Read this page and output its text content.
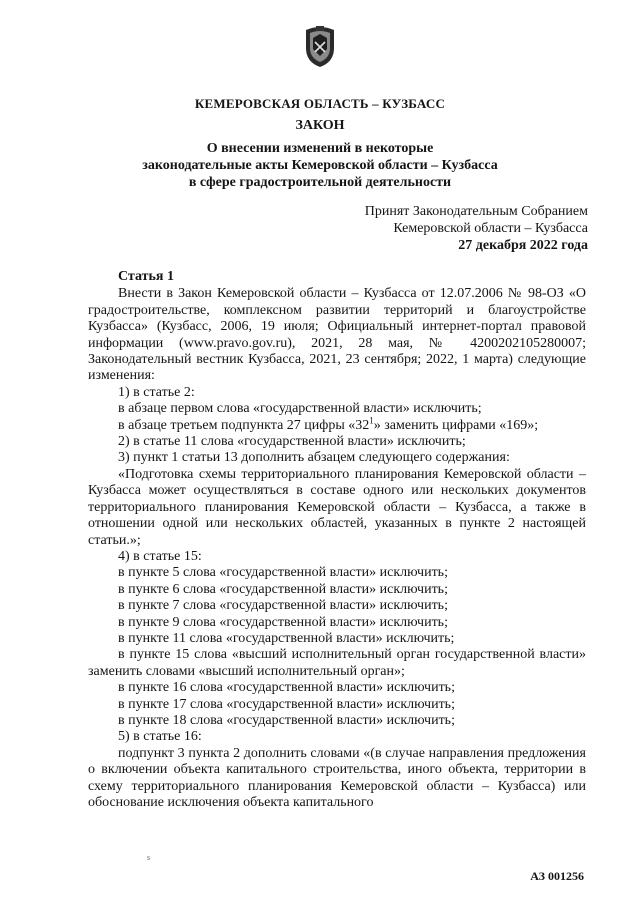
КЕМЕРОВСКАЯ ОБЛАСТЬ – КУЗБАСС
ЗАКОН
О внесении изменений в некоторые
законодательные акты Кемеровской области – Кузбасса
в сфере градостроительной деятельности
Принят Законодательным Собранием
Кемеровской области – Кузбасса
27 декабря 2022 года
Статья 1
Внести в Закон Кемеровской области – Кузбасса от 12.07.2006 № 98-ОЗ «О градостроительстве, комплексном развитии территорий и благоустройстве Кузбасса» (Кузбасс, 2006, 19 июля; Официальный интернет-портал правовой информации (www.pravo.gov.ru), 2021, 28 мая, № 4200202105280007; Законодательный вестник Кузбасса, 2021, 23 сентября; 2022, 1 марта) следующие изменения:
1) в статье 2:
в абзаце первом слова «государственной власти» исключить;
в абзаце третьем подпункта 27 цифры «$32^1$» заменить цифрами «169»;
2) в статье 11 слова «государственной власти» исключить;
3) пункт 1 статьи 13 дополнить абзацем следующего содержания:
«Подготовка схемы территориального планирования Кемеровской области – Кузбасса может осуществляться в составе одного или нескольких документов территориального планирования Кемеровской области – Кузбасса, а также в отношении одной или нескольких областей, указанных в пункте 2 настоящей статьи.»;
4) в статье 15:
в пункте 5 слова «государственной власти» исключить;
в пункте 6 слова «государственной власти» исключить;
в пункте 7 слова «государственной власти» исключить;
в пункте 9 слова «государственной власти» исключить;
в пункте 11 слова «государственной власти» исключить;
в пункте 15 слова «высший исполнительный орган государственной власти» заменить словами «высший исполнительный орган»;
в пункте 16 слова «государственной власти» исключить;
в пункте 17 слова «государственной власти» исключить;
в пункте 18 слова «государственной власти» исключить;
5) в статье 16:
подпункт 3 пункта 2 дополнить словами «(в случае направления предложения о включении объекта капитального строительства, иного объекта, территории в схему территориального планирования Кемеровской области – Кузбасса) или обоснование исключения объекта капитального
s
АЗ 001256
